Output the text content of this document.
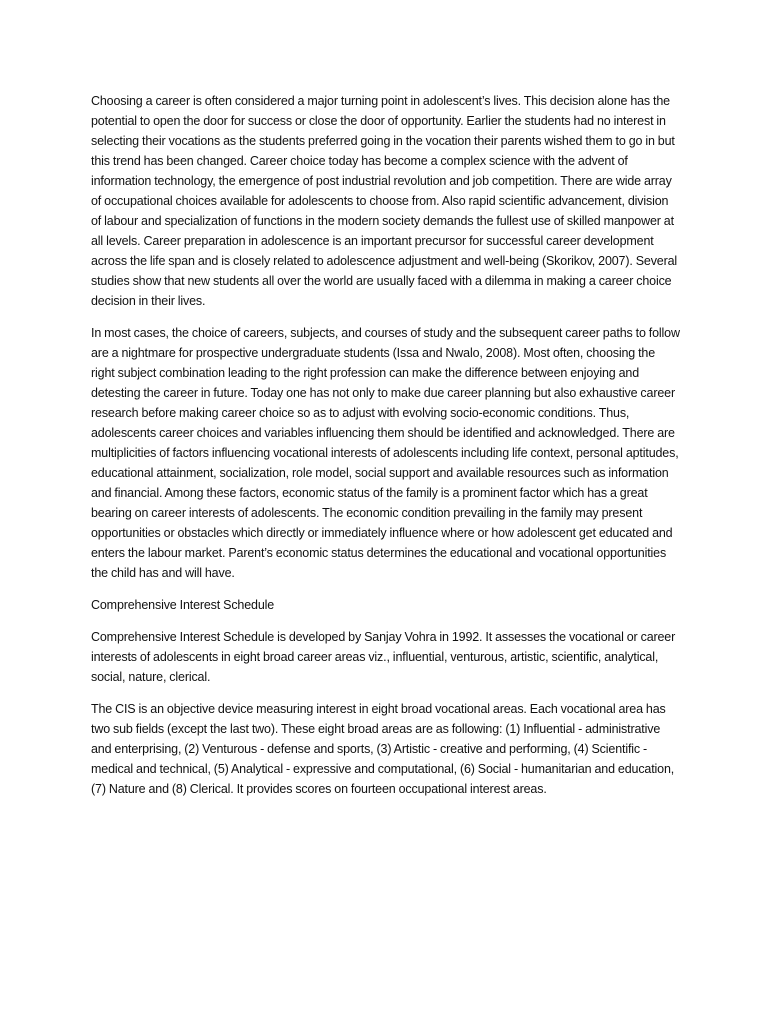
Choosing a career is often considered a major turning point in adolescent’s lives. This decision alone has the potential to open the door for success or close the door of opportunity. Earlier the students had no interest in selecting their vocations as the students preferred going in the vocation their parents wished them to go in but this trend has been changed. Career choice today has become a complex science with the advent of information technology, the emergence of post industrial revolution and job competition. There are wide array of occupational choices available for adolescents to choose from. Also rapid scientific advancement, division of labour and specialization of functions in the modern society demands the fullest use of skilled manpower at all levels. Career preparation in adolescence is an important precursor for successful career development across the life span and is closely related to adolescence adjustment and well-being (Skorikov, 2007). Several studies show that new students all over the world are usually faced with a dilemma in making a career choice decision in their lives.

In most cases, the choice of careers, subjects, and courses of study and the subsequent career paths to follow are a nightmare for prospective undergraduate students (Issa and Nwalo, 2008). Most often, choosing the right subject combination leading to the right profession can make the difference between enjoying and detesting the career in future. Today one has not only to make due career planning but also exhaustive career research before making career choice so as to adjust with evolving socio-economic conditions. Thus, adolescents career choices and variables influencing them should be identified and acknowledged. There are multiplicities of factors influencing vocational interests of adolescents including life context, personal aptitudes, educational attainment, socialization, role model, social support and available resources such as information and financial. Among these factors, economic status of the family is a prominent factor which has a great bearing on career interests of adolescents. The economic condition prevailing in the family may present opportunities or obstacles which directly or immediately influence where or how adolescent get educated and enters the labour market. Parent’s economic status determines the educational and vocational opportunities the child has and will have.

Comprehensive Interest Schedule

Comprehensive Interest Schedule is developed by Sanjay Vohra in 1992. It assesses the vocational or career interests of adolescents in eight broad career areas viz., influential, venturous, artistic, scientific, analytical, social, nature, clerical.

The CIS is an objective device measuring interest in eight broad vocational areas. Each vocational area has two sub fields (except the last two). These eight broad areas are as following: (1) Influential - administrative and enterprising, (2) Venturous - defense and sports, (3) Artistic - creative and performing, (4) Scientific - medical and technical, (5) Analytical - expressive and computational, (6) Social - humanitarian and education, (7) Nature and (8) Clerical. It provides scores on fourteen occupational interest areas.
